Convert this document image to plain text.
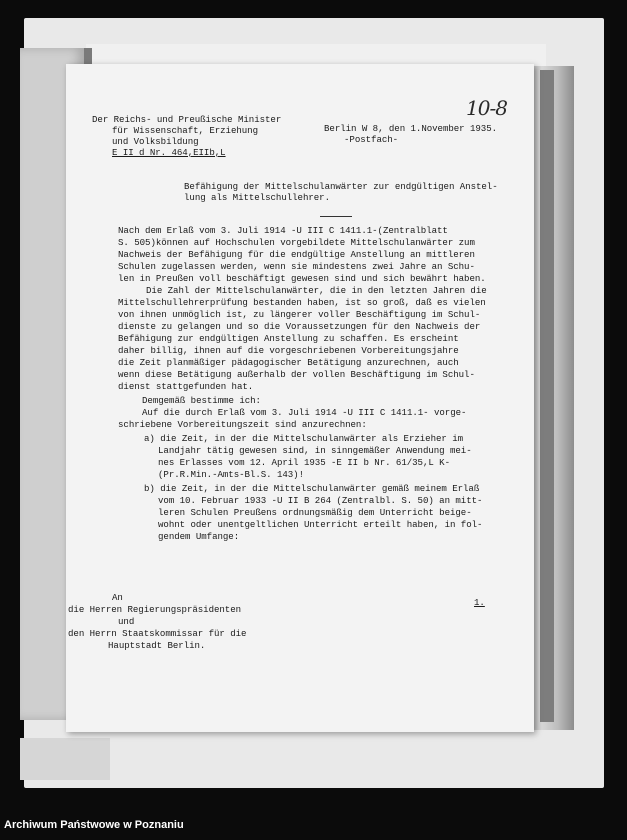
Der Reichs- und Preußische Minister
für Wissenschaft, Erziehung
und Volksbildung
E II d Nr. 464,EIIb,L
Berlin W 8, den 1.November 1935.
-Postfach-
Befähigung der Mittelschulanwärter zur endgültigen Anstel-
lung als Mittelschullehrer.
Nach dem Erlaß vom 3. Juli 1914 -U III C 1411.1-(Zentralblatt
S. 505)können auf Hochschulen vorgebildete Mittelschulanwärter zum
Nachweis der Befähigung für die endgültige Anstellung an mittleren
Schulen zugelassen werden, wenn sie mindestens zwei Jahre an Schu-
len in Preußen voll beschäftigt gewesen sind und sich bewährt haben.
Die Zahl der Mittelschulanwärter, die in den letzten Jahren die
Mittelschullehrerprüfung bestanden haben, ist so groß, daß es vielen
von ihnen unmöglich ist, zu längerer voller Beschäftigung im Schul-
dienste zu gelangen und so die Voraussetzungen für den Nachweis der
Befähigung zur endgültigen Anstellung zu schaffen. Es erscheint
daher billig, ihnen auf die vorgeschriebenen Vorbereitungsjahre
die Zeit planmäßiger pädagogischer Betätigung anzurechnen, auch
wenn diese Betätigung außerhalb der vollen Beschäftigung im Schul-
dienst stattgefunden hat.
Demgemäß bestimme ich:
Auf die durch Erlaß vom 3. Juli 1914 -U III C 1411.1- vorge-
schriebene Vorbereitungszeit sind anzurechnen:
a) die Zeit, in der die Mittelschulanwärter als Erzieher im
Landjahr tätig gewesen sind, in sinngemäßer Anwendung mei-
nes Erlasses vom 12. April 1935 -E II b Nr. 61/35,L K-
(Pr.R.Min.-Amts-Bl.S. 143)!
b) die Zeit, in der die Mittelschulanwärter gemäß meinem Erlaß
vom 10. Februar 1933 -U II B 264 (Zentralbl. S. 50) an mitt-
leren Schulen Preußens ordnungsmäßig dem Unterricht beige-
wohnt oder unentgeltlichen Unterricht erteilt haben, in fol-
gendem Umfange:
1.
An
die Herren Regierungspräsidenten
und
den Herrn Staatskommissar für die
Hauptstadt Berlin.
10-8
Archiwum Państwowe w Poznaniu
